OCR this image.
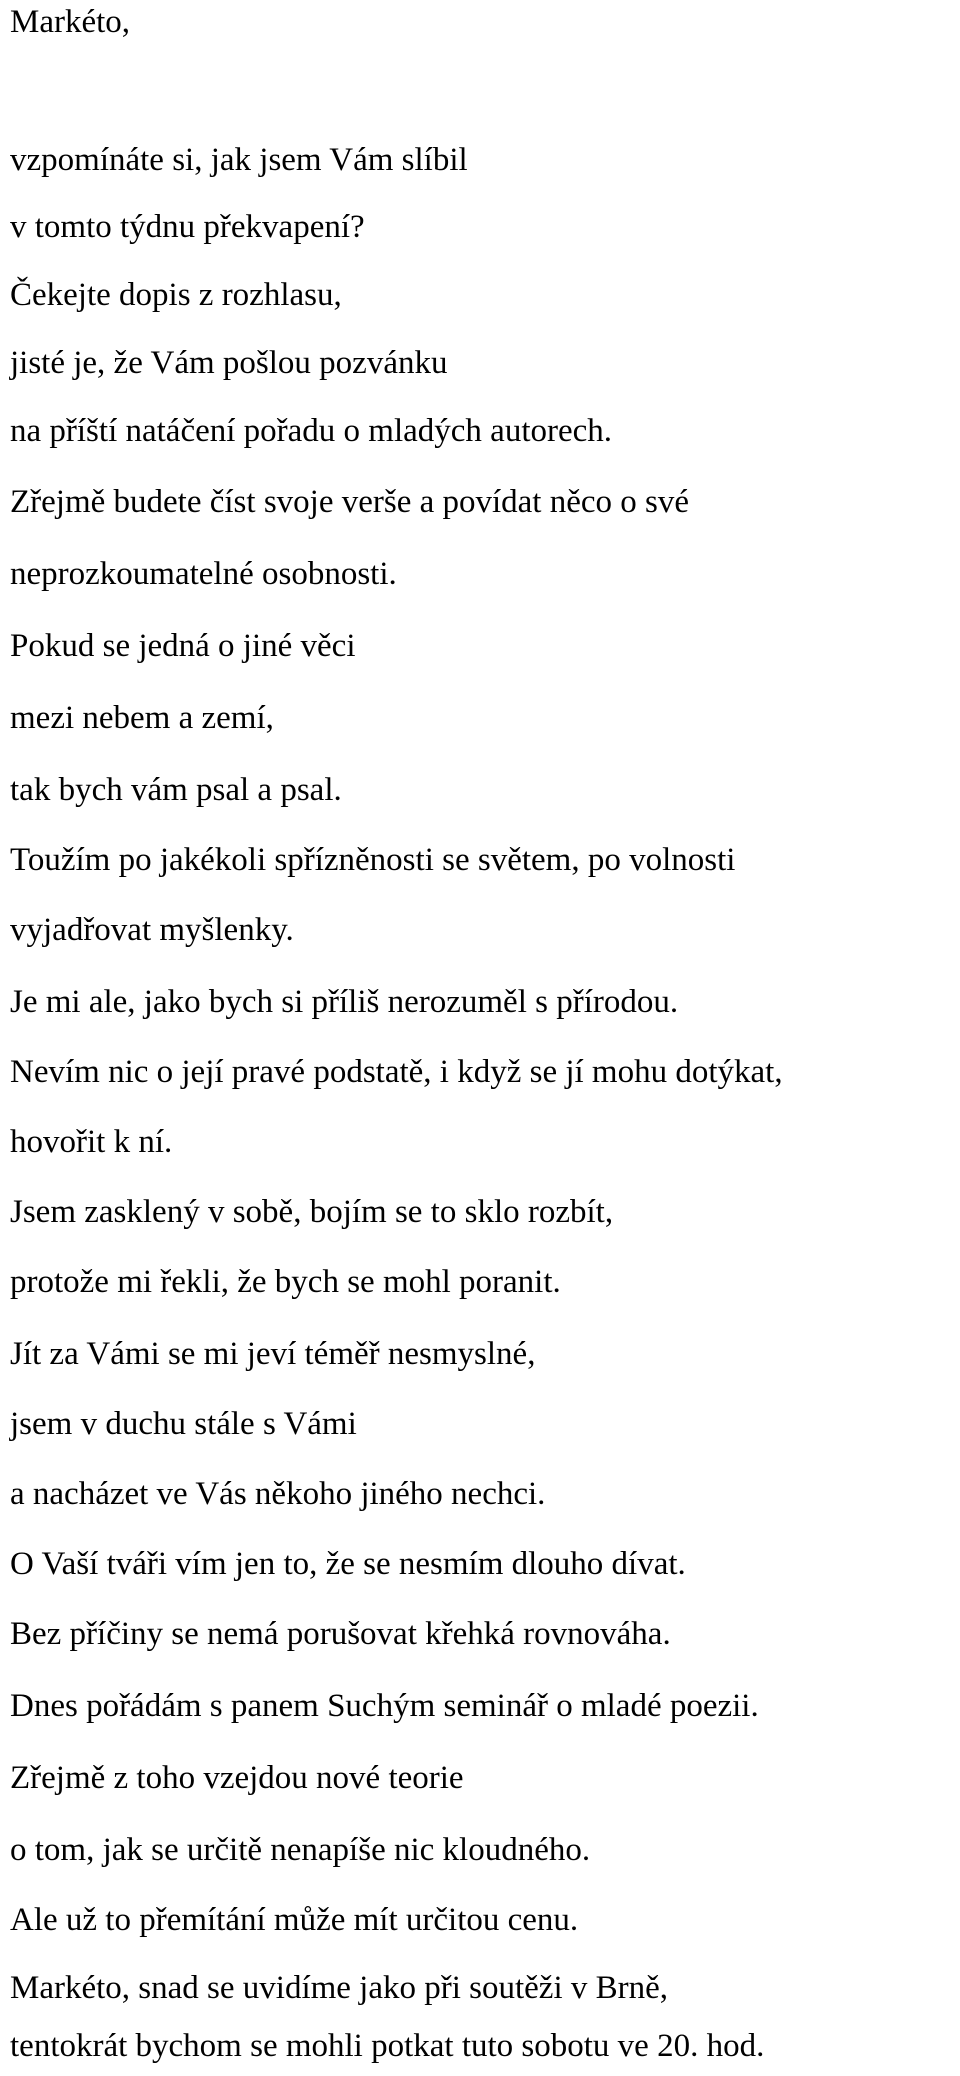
Markéto,

vzpomínáte si, jak jsem Vám slíbil

v tomto týdnu překvapení?

Čekejte dopis z rozhlasu,

jisté je, že Vám pošlou pozvánku

na příští natáčení pořadu o mladých autorech.

Zřejmě budete číst svoje verše a povídat něco o své

neprozkoumatelné osobnosti.

Pokud se jedná o jiné věci

mezi nebem a zemí,

tak bych vám psal a psal.

Toužím po jakékoli spřízněnosti se světem, po volnosti

vyjadřovat myšlenky.

Je mi ale, jako bych si příliš nerozuměl s přírodou.

Nevím nic o její pravé podstatě, i když se jí mohu dotýkat,

hovořit k ní.

Jsem zasklený v sobě, bojím se to sklo rozbít,

protože mi řekli, že bych se mohl poranit.

Jít za Vámi se mi jeví téměř nesmyslné,

jsem v duchu stále s Vámi

a nacházet ve Vás někoho jiného nechci.

O Vaší tváři vím jen to, že se nesmím dlouho dívat.

Bez příčiny se nemá porušovat křehká rovnováha.

Dnes pořádám s panem Suchým seminář o mladé poezii.

Zřejmě z toho vzejdou nové teorie

o tom, jak se určitě nenapíše nic kloudného.

Ale už to přemítání může mít určitou cenu.

Markéto, snad se uvidíme jako při soutěži v Brně,

tentokrát bychom se mohli potkat tuto sobotu ve 20. hod.
